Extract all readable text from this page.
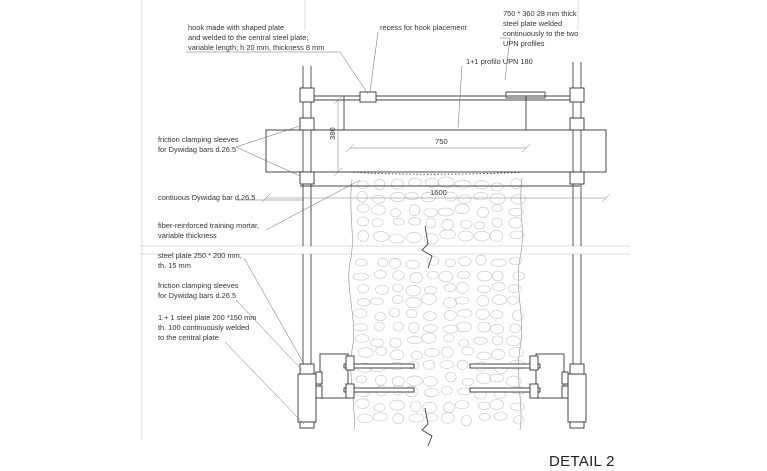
380
750
1600
hook made with shaped plate
and welded to the central steel plate;
variable length; h 20 mm, thickness 8 mm
recess for hook placement
750 * 360 28 mm thick
steel plate welded
continuously to the two
UPN profiles
1+1 profilo UPN 180
friction clamping sleeves
for Dywidag bars d.26.5
contiuous Dywidag bar d.26.5
fiber-reinforced training mortar,
variable thickness
steel plate 250 * 200 mm,
th. 15 mm
friction clamping sleeves
for Dywidag bars d.26.5
1 + 1 steel plate 200 *150 mm
th. 100 continuously welded
to the central plate
DETAIL 2
